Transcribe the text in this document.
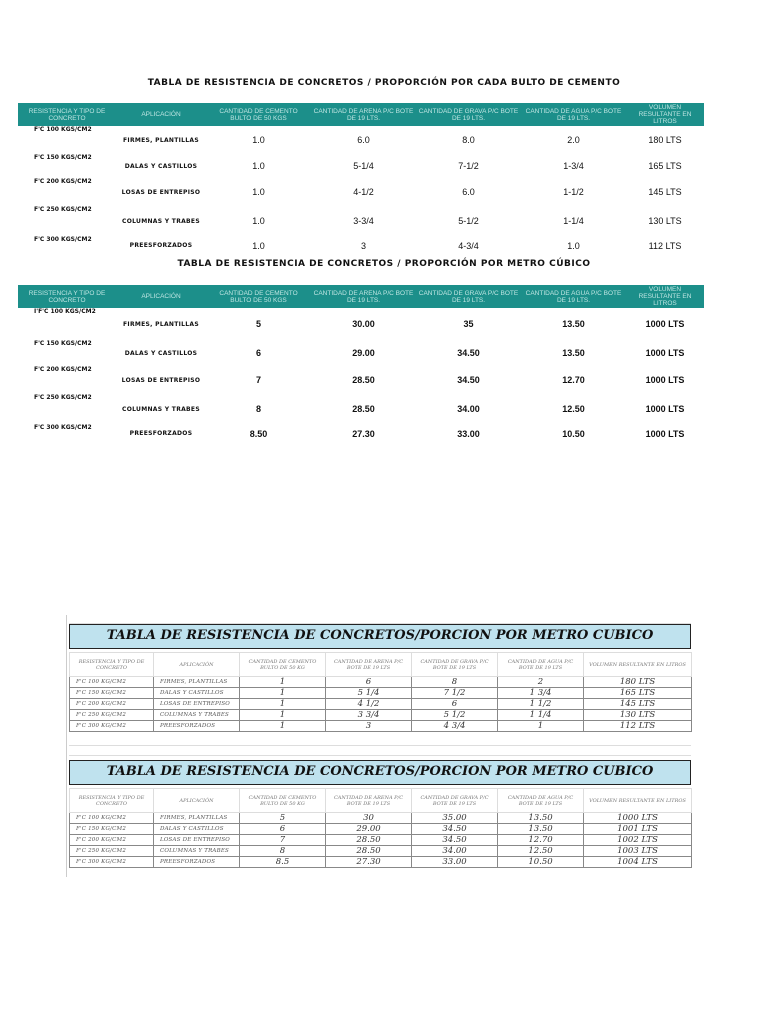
TABLA DE RESISTENCIA DE CONCRETOS / PROPORCIÓN POR CADA BULTO DE CEMENTO
RESISTENCIA Y TIPO DE CONCRETO	APLICACIÓN	CANTIDAD DE CEMENTO BULTO DE 50 KGS	CANTIDAD DE ARENA P/C BOTE DE 19 LTS.	CANTIDAD DE GRAVA P/C BOTE DE 19 LTS.	CANTIDAD DE AGUA P/C BOTE DE 19 LTS.	VOLUMEN RESULTANTE EN LITROS
F'C 100 KGS/CM2	FIRMES, PLANTILLAS	1.0	6.0	8.0	2.0	180 LTS
F'C 150 KGS/CM2	DALAS Y CASTILLOS	1.0	5-1/4	7-1/2	1-3/4	165 LTS
F'C 200 KGS/CM2	LOSAS DE ENTREPISO	1.0	4-1/2	6.0	1-1/2	145 LTS
F'C 250 KGS/CM2	COLUMNAS Y TRABES	1.0	3-3/4	5-1/2	1-1/4	130 LTS
F'C 300 KGS/CM2	PREESFORZADOS	1.0	3	4-3/4	1.0	112 LTS
TABLA DE RESISTENCIA DE CONCRETOS / PROPORCIÓN POR METRO CÚBICO
RESISTENCIA Y TIPO DE CONCRETO	APLICACIÓN	CANTIDAD DE CEMENTO BULTO DE 50 KGS	CANTIDAD DE ARENA P/C BOTE DE 19 LTS.	CANTIDAD DE GRAVA P/C BOTE DE 19 LTS.	CANTIDAD DE AGUA P/C BOTE DE 19 LTS.	VOLUMEN RESULTANTE EN LITROS
I'F'C 100 KGS/CM2	FIRMES, PLANTILLAS	5	30.00	35	13.50	1000 LTS
F'C 150 KGS/CM2	DALAS Y CASTILLOS	6	29.00	34.50	13.50	1000 LTS
F'C 200 KGS/CM2	LOSAS DE ENTREPISO	7	28.50	34.50	12.70	1000 LTS
F'C 250 KGS/CM2	COLUMNAS Y TRABES	8	28.50	34.00	12.50	1000 LTS
F'C 300 KGS/CM2	PREESFORZADOS	8.50	27.30	33.00	10.50	1000 LTS
TABLA DE RESISTENCIA DE CONCRETOS/PORCION POR METRO CUBICO
RESISTENCIA Y TIPO DE CONCRETO	APLICACIÓN	CANTIDAD DE CEMENTO BULTO DE 50 KG	CANTIDAD DE ARENA P/C BOTE DE 19 LTS	CANTIDAD DE GRAVA P/C BOTE DE 19 LTS	CANTIDAD DE AGUA P/C BOTE DE 19 LTS	VOLUMEN RESULTANTE EN LITROS
F'C 100 KG/CM2	FIRMES, PLANTILLAS	1	6	8	2	180 LTS
F'C 150 KG/CM2	DALAS Y CASTILLOS	1	5 1/4	7 1/2	1 3/4	165 LTS
F'C 200 KG/CM2	LOSAS DE ENTREPISO	1	4 1/2	6	1 1/2	145 LTS
F'C 250 KG/CM2	COLUMNAS Y TRABES	1	3 3/4	5 1/2	1 1/4	130 LTS
F'C 300 KG/CM2	PREESFORZADOS	1	3	4 3/4	1	112 LTS
TABLA DE RESISTENCIA DE CONCRETOS/PORCION POR METRO CUBICO
RESISTENCIA Y TIPO DE CONCRETO	APLICACIÓN	CANTIDAD DE CEMENTO BULTO DE 50 KG	CANTIDAD DE ARENA P/C BOTE DE 19 LTS	CANTIDAD DE GRAVA P/C BOTE DE 19 LTS	CANTIDAD DE AGUA P/C BOTE DE 19 LTS	VOLUMEN RESULTANTE EN LITROS
F'C 100 KG/CM2	FIRMES, PLANTILLAS	5	30	35.00	13.50	1000 LTS
F'C 150 KG/CM2	DALAS Y CASTILLOS	6	29.00	34.50	13.50	1001 LTS
F'C 200 KG/CM2	LOSAS DE ENTREPISO	7	28.50	34.50	12.70	1002 LTS
F'C 250 KG/CM2	COLUMNAS Y TRABES	8	28.50	34.00	12.50	1003 LTS
F'C 300 KG/CM2	PREESFORZADOS	8.5	27.30	33.00	10.50	1004 LTS
